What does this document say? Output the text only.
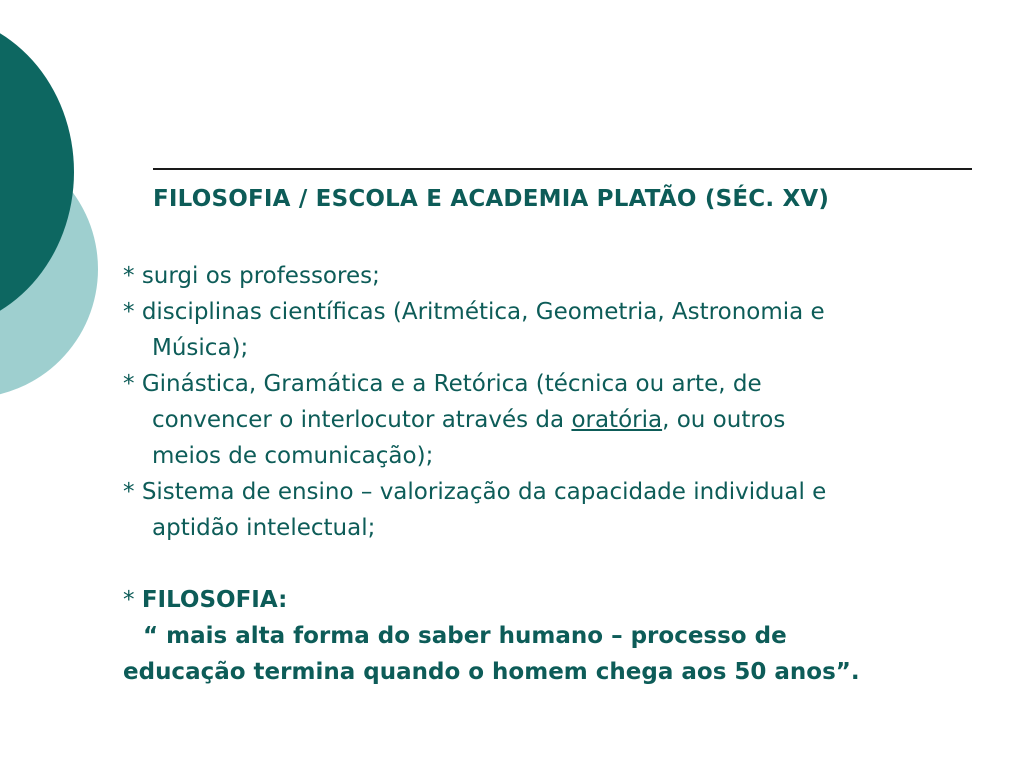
FILOSOFIA / ESCOLA E ACADEMIA PLATÃO (SÉC. XV)
* surgi os professores;
* disciplinas científicas (Aritmética, Geometria, Astronomia e
Música);
* Ginástica, Gramática e a Retórica (técnica ou arte, de
convencer o interlocutor através da oratória, ou outros
meios de comunicação);
* Sistema de ensino – valorização da capacidade individual e
aptidão intelectual;
* FILOSOFIA:
“ mais alta forma do saber humano – processo de
educação termina quando o homem chega aos 50 anos”.
